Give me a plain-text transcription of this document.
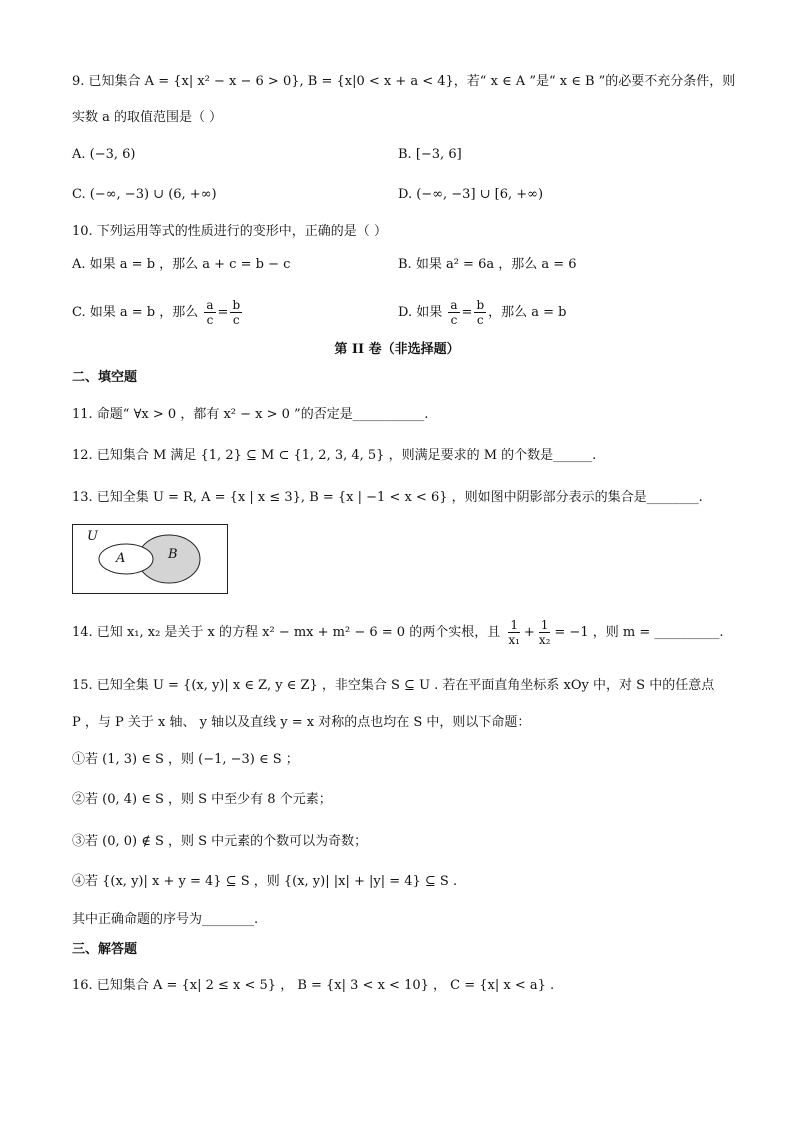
9. 已知集合 A = {x| x² − x − 6 > 0}, B = {x|0 < x + a < 4}，若“ x ∈ A ”是“ x ∈ B ”的必要不充分条件，则
实数 a 的取值范围是（ ）
A. (−3, 6)	B. [−3, 6]
C. (−∞, −3) ∪ (6, +∞)	D. (−∞, −3] ∪ [6, +∞)
10. 下列运用等式的性质进行的变形中，正确的是（ ）
A. 如果 a = b ，那么 a + c = b − c	B. 如果 a² = 6a ，那么 a = 6
C. 如果 a = b ，那么 $\frac{a}{c} = \frac{b}{c}$	D. 如果 $\frac{a}{c} = \frac{b}{c}$ ，那么 a = b
第 II 卷（非选择题）
二、填空题
11. 命题“ ∀x > 0 ，都有 x² − x > 0 ”的否定是___________.
12. 已知集合 M 满足 {1, 2} ⊆ M ⊂ {1, 2, 3, 4, 5} ，则满足要求的 M 的个数是______.
13. 已知全集 U = R, A = {x | x ≤ 3}, B = {x | −1 < x < 6} ，则如图中阴影部分表示的集合是________.
U
A	B
14. 已知 x₁, x₂ 是关于 x 的方程 x² − mx + m² − 6 = 0 的两个实根，且 $\frac{1}{\text{x₁}} + \frac{1}{\text{x₂}} = -1$ ，则 m = __________.
15. 已知全集 U = {(x, y)| x ∈ Z, y ∈ Z} ，非空集合 S ⊆ U . 若在平面直角坐标系 xOy 中，对 S 中的任意点
P ，与 P 关于 x 轴、 y 轴以及直线 y = x 对称的点也均在 S 中，则以下命题：
①若 (1, 3) ∈ S ，则 (−1, −3) ∈ S ；
②若 (0, 4) ∈ S ，则 S 中至少有 8 个元素；
③若 (0, 0) ∉ S ，则 S 中元素的个数可以为奇数；
④若 {(x, y)| x + y = 4} ⊆ S ，则 {(x, y)| |x| + |y| = 4} ⊆ S .
其中正确命题的序号为________.
三、解答题
16. 已知集合 A = {x| 2 ≤ x < 5} ， B = {x| 3 < x < 10} ， C = {x| x < a} .
